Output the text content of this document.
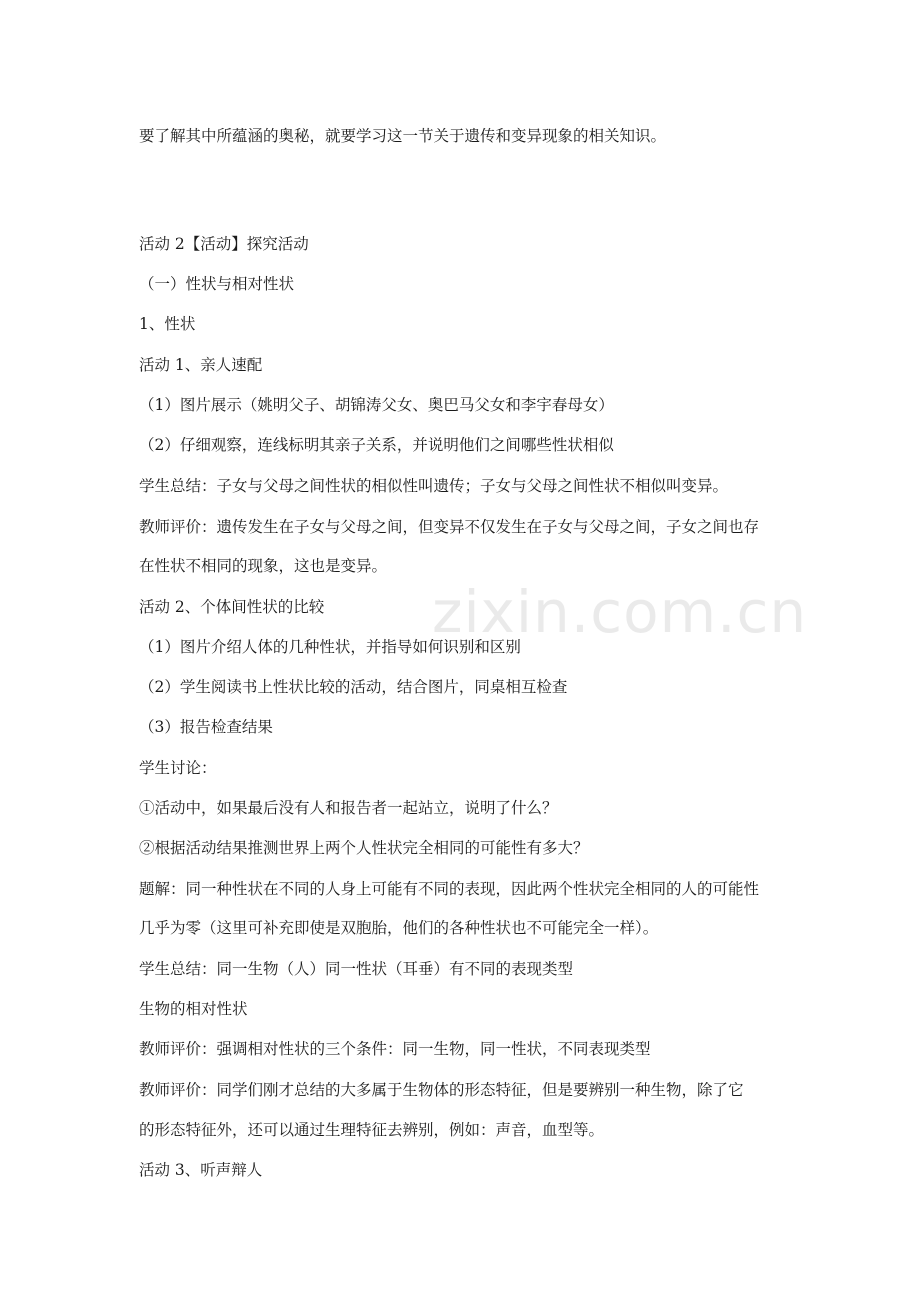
zixin.com.cn
要了解其中所蕴涵的奥秘，就要学习这一节关于遗传和变异现象的相关知识。
活动 2【活动】探究活动
（一）性状与相对性状
1、性状
活动 1、亲人速配
（1）图片展示（姚明父子、胡锦涛父女、奥巴马父女和李宇春母女）
（2）仔细观察，连线标明其亲子关系，并说明他们之间哪些性状相似
学生总结：子女与父母之间性状的相似性叫遗传；子女与父母之间性状不相似叫变异。
教师评价：遗传发生在子女与父母之间，但变异不仅发生在子女与父母之间，子女之间也存
在性状不相同的现象，这也是变异。
活动 2、个体间性状的比较
（1）图片介绍人体的几种性状，并指导如何识别和区别
（2）学生阅读书上性状比较的活动，结合图片，同桌相互检查
（3）报告检查结果
学生讨论：
①活动中，如果最后没有人和报告者一起站立，说明了什么？
②根据活动结果推测世界上两个人性状完全相同的可能性有多大？
题解：同一种性状在不同的人身上可能有不同的表现，因此两个性状完全相同的人的可能性
几乎为零（这里可补充即使是双胞胎，他们的各种性状也不可能完全一样）。
学生总结：同一生物（人）同一性状（耳垂）有不同的表现类型
生物的相对性状
教师评价：强调相对性状的三个条件：同一生物，同一性状，不同表现类型
教师评价：同学们刚才总结的大多属于生物体的形态特征，但是要辨别一种生物，除了它
的形态特征外，还可以通过生理特征去辨别，例如：声音，血型等。
活动 3、听声辩人
